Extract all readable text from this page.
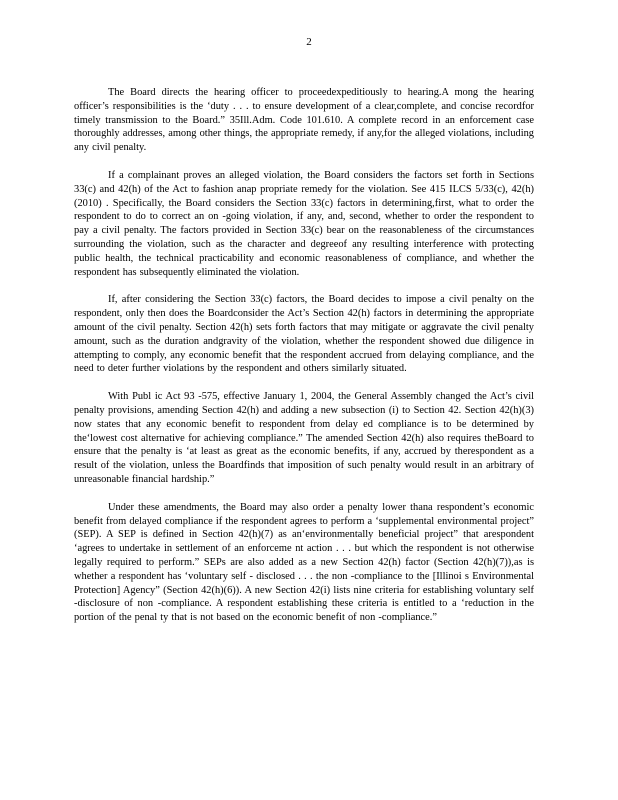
2

The Board directs the hearing officer to proceedexpeditiously to hearing.A mong the hearing officer’s responsibilities is the ‘duty . . . to ensure development of a clear,complete, and concise recordfor timely transmission to the Board.” 35Ill.Adm. Code 101.610. A complete record in an enforcement case thoroughly addresses, among other things, the appropriate remedy, if any,for the alleged violations, including any civil penalty.

If a complainant proves an alleged violation, the Board considers the factors set forth in Sections 33(c) and 42(h) of the Act to fashion anap propriate remedy for the violation. See 415 ILCS 5/33(c), 42(h) (2010) . Specifically, the Board considers the Section 33(c) factors in determining,first, what to order the respondent to do to correct an on -going violation, if any, and, second, whether to order the respondent to pay a civil penalty. The factors provided in Section 33(c) bear on the reasonableness of the circumstances surrounding the violation, such as the character and degreeof any resulting interference with protecting public health, the technical practicability and economic reasonableness of compliance, and whether the respondent has subsequently eliminated the violation.

If, after considering the Section 33(c) factors, the Board decides to impose a civil penalty on the respondent, only then does the Boardconsider the Act’s Section 42(h) factors in determining the appropriate amount of the civil penalty. Section 42(h) sets forth factors that may mitigate or aggravate the civil penalty amount, such as the duration andgravity of the violation, whether the respondent showed due diligence in attempting to comply, any economic benefit that the respondent accrued from delaying compliance, and the need to deter further violations by the respondent and others similarly situated.

With Publ ic Act 93 -575, effective January 1, 2004, the General Assembly changed the Act’s civil penalty provisions, amending Section 42(h) and adding a new subsection (i) to Section 42. Section 42(h)(3) now states that any economic benefit to respondent from delay ed compliance is to be determined by the‘lowest cost alternative for achieving compliance.” The amended Section 42(h) also requires theBoard to ensure that the penalty is ‘at least as great as the economic benefits, if any, accrued by therespondent as a result of the violation, unless the Boardfinds that imposition of such penalty would result in an arbitrary of unreasonable financial hardship.”

Under these amendments, the Board may also order a penalty lower thana respondent’s economic benefit from delayed compliance if the respondent agrees to perform a ‘supplemental environmental project” (SEP). A SEP is defined in Section 42(h)(7) as an‘environmentally beneficial project” that arespondent ‘agrees to undertake in settlement of an enforceme nt action . . . but which the respondent is not otherwise legally required to perform.” SEPs are also added as a new Section 42(h) factor (Section 42(h)(7)),as is whether a respondent has ‘voluntary self - disclosed . . . the non -compliance to the [Illinoi s Environmental Protection] Agency” (Section 42(h)(6)). A new Section 42(i) lists nine criteria for establishing voluntary self -disclosure of non -compliance. A respondent establishing these criteria is entitled to a ‘reduction in the portion of the penal ty that is not based on the economic benefit of non -compliance.”
